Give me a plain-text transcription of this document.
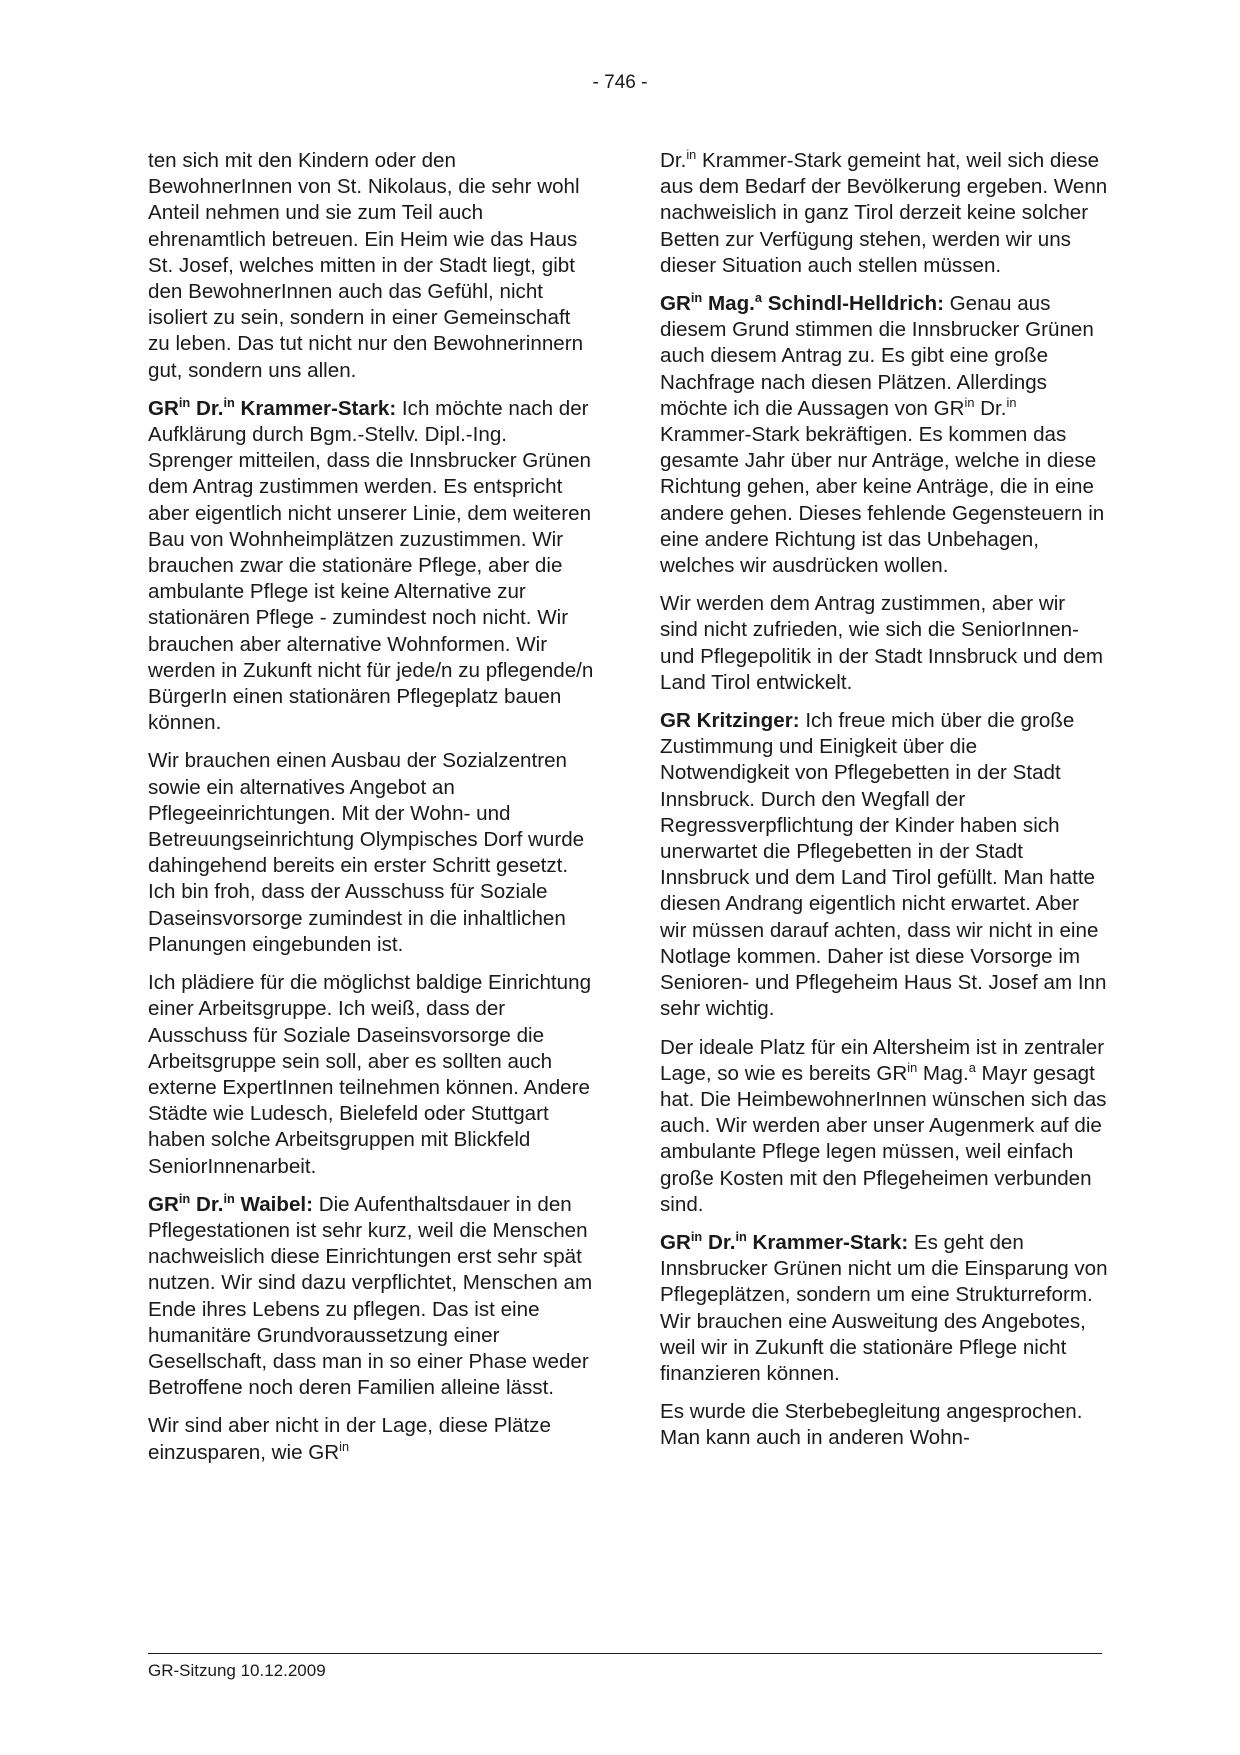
- 746 -

ten sich mit den Kindern oder den BewohnerInnen von St. Nikolaus, die sehr wohl Anteil nehmen und sie zum Teil auch ehrenamtlich betreuen. Ein Heim wie das Haus St. Josef, welches mitten in der Stadt liegt, gibt den BewohnerInnen auch das Gefühl, nicht isoliert zu sein, sondern in einer Gemeinschaft zu leben. Das tut nicht nur den Bewohnerinnern gut, sondern uns allen.

$GR^{in}$ Dr.$^{in}$ Krammer-Stark: Ich möchte nach der Aufklärung durch Bgm.-Stellv. Dipl.-Ing. Sprenger mitteilen, dass die Innsbrucker Grünen dem Antrag zustimmen werden. Es entspricht aber eigentlich nicht unserer Linie, dem weiteren Bau von Wohnheimplätzen zuzustimmen. Wir brauchen zwar die stationäre Pflege, aber die ambulante Pflege ist keine Alternative zur stationären Pflege - zumindest noch nicht. Wir brauchen aber alternative Wohnformen. Wir werden in Zukunft nicht für jede/n zu pflegende/n BürgerIn einen stationären Pflegeplatz bauen können.

Wir brauchen einen Ausbau der Sozialzentren sowie ein alternatives Angebot an Pflegeeinrichtungen. Mit der Wohn- und Betreuungseinrichtung Olympisches Dorf wurde dahingehend bereits ein erster Schritt gesetzt. Ich bin froh, dass der Ausschuss für Soziale Daseinsvorsorge zumindest in die inhaltlichen Planungen eingebunden ist.

Ich plädiere für die möglichst baldige Einrichtung einer Arbeitsgruppe. Ich weiß, dass der Ausschuss für Soziale Daseinsvorsorge die Arbeitsgruppe sein soll, aber es sollten auch externe ExpertInnen teilnehmen können. Andere Städte wie Ludesch, Bielefeld oder Stuttgart haben solche Arbeitsgruppen mit Blickfeld SeniorInnenarbeit.

$GR^{in}$ Dr.$^{in}$ Waibel: Die Aufenthaltsdauer in den Pflegestationen ist sehr kurz, weil die Menschen nachweislich diese Einrichtungen erst sehr spät nutzen. Wir sind dazu verpflichtet, Menschen am Ende ihres Lebens zu pflegen. Das ist eine humanitäre Grundvoraussetzung einer Gesellschaft, dass man in so einer Phase weder Betroffene noch deren Familien alleine lässt.

Wir sind aber nicht in der Lage, diese Plätze einzusparen, wie $GR^{in}$

Dr.$^{in}$ Krammer-Stark gemeint hat, weil sich diese aus dem Bedarf der Bevölkerung ergeben. Wenn nachweislich in ganz Tirol derzeit keine solcher Betten zur Verfügung stehen, werden wir uns dieser Situation auch stellen müssen.

$GR^{in}$ Mag.$^a$ Schindl-Helldrich: Genau aus diesem Grund stimmen die Innsbrucker Grünen auch diesem Antrag zu. Es gibt eine große Nachfrage nach diesen Plätzen. Allerdings möchte ich die Aussagen von $GR^{in}$ Dr.$^{in}$ Krammer-Stark bekräftigen. Es kommen das gesamte Jahr über nur Anträge, welche in diese Richtung gehen, aber keine Anträge, die in eine andere gehen. Dieses fehlende Gegensteuern in eine andere Richtung ist das Unbehagen, welches wir ausdrücken wollen.

Wir werden dem Antrag zustimmen, aber wir sind nicht zufrieden, wie sich die SeniorInnen- und Pflegepolitik in der Stadt Innsbruck und dem Land Tirol entwickelt.

GR Kritzinger: Ich freue mich über die große Zustimmung und Einigkeit über die Notwendigkeit von Pflegebetten in der Stadt Innsbruck. Durch den Wegfall der Regressverpflichtung der Kinder haben sich unerwartet die Pflegebetten in der Stadt Innsbruck und dem Land Tirol gefüllt. Man hatte diesen Andrang eigentlich nicht erwartet. Aber wir müssen darauf achten, dass wir nicht in eine Notlage kommen. Daher ist diese Vorsorge im Senioren- und Pflegeheim Haus St. Josef am Inn sehr wichtig.

Der ideale Platz für ein Altersheim ist in zentraler Lage, so wie es bereits $GR^{in}$ Mag.$^a$ Mayr gesagt hat. Die HeimbewohnerInnen wünschen sich das auch. Wir werden aber unser Augenmerk auf die ambulante Pflege legen müssen, weil einfach große Kosten mit den Pflegeheimen verbunden sind.

$GR^{in}$ Dr.$^{in}$ Krammer-Stark: Es geht den Innsbrucker Grünen nicht um die Einsparung von Pflegeplätzen, sondern um eine Strukturreform. Wir brauchen eine Ausweitung des Angebotes, weil wir in Zukunft die stationäre Pflege nicht finanzieren können.

Es wurde die Sterbebegleitung angesprochen. Man kann auch in anderen Wohn-

GR-Sitzung 10.12.2009
